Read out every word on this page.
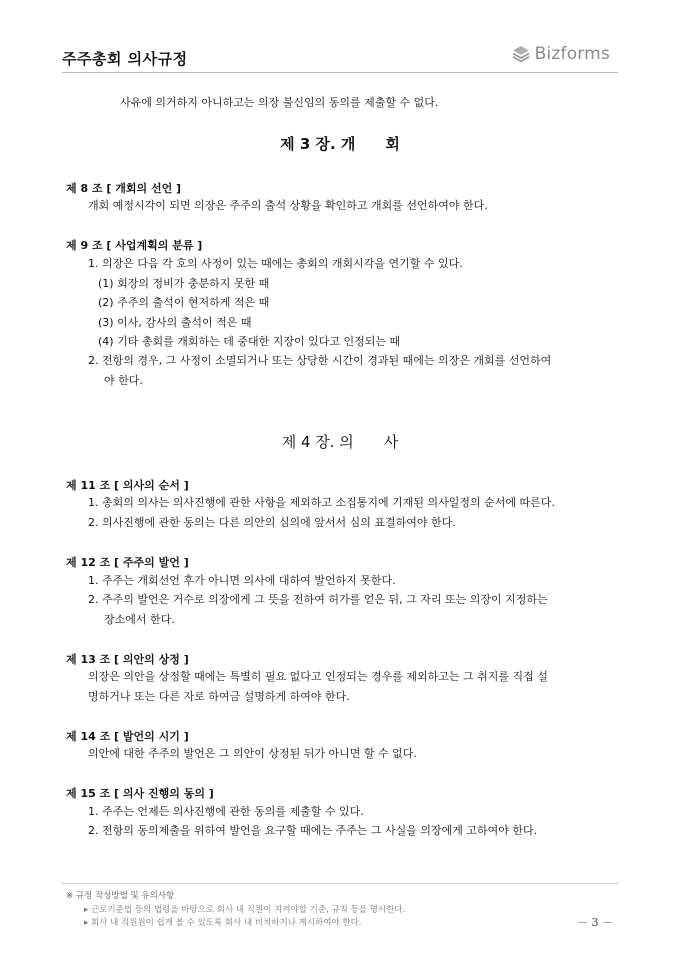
주주총회 의사규정	Bizforms
사유에 의거하지 아니하고는 의장 불신임의 동의를 제출할 수 없다.
제 3 장. 개　　회
제 8 조 [ 개회의 선언 ]
개회 예정시각이 되면 의장은 주주의 출석 상황을 확인하고 개회를 선언하여야 한다.
제 9 조 [ 사업계획의 분류 ]
1. 의장은 다음 각 호의 사정이 있는 때에는 총회의 개회시각을 연기할 수 있다.
(1) 회장의 정비가 충분하지 못한 때
(2) 주주의 출석이 현저하게 적은 때
(3) 이사, 감사의 출석이 적은 때
(4) 기타 총회를 개회하는 데 중대한 지장이 있다고 인정되는 때
2. 전항의 경우, 그 사정이 소멸되거나 또는 상당한 시간이 경과된 때에는 의장은 개회를 선언하여
야 한다.
제 4 장. 의　　사
제 11 조 [ 의사의 순서 ]
1. 총회의 의사는 의사진행에 관한 사항을 제외하고 소집통지에 기재된 의사일정의 순서에 따른다.
2. 의사진행에 관한 동의는 다른 의안의 심의에 앞서서 심의 표결하여야 한다.
제 12 조 [ 주주의 발언 ]
1. 주주는 개회선언 후가 아니면 의사에 대하여 발언하지 못한다.
2. 주주의 발언은 거수로 의장에게 그 뜻을 전하여 허가를 얻은 뒤, 그 자리 또는 의장이 지정하는
장소에서 한다.
제 13 조 [ 의안의 상정 ]
의장은 의안을 상정할 때에는 특별히 필요 없다고 인정되는 경우를 제외하고는 그 취지를 직접 설
명하거나 또는 다른 자로 하여금 설명하게 하여야 한다.
제 14 조 [ 발언의 시기 ]
의안에 대한 주주의 발언은 그 의안이 상정된 뒤가 아니면 할 수 없다.
제 15 조 [ 의사 진행의 동의 ]
1. 주주는 언제든 의사진행에 관한 동의를 제출할 수 있다.
2. 전항의 동의제출을 위하여 발언을 요구할 때에는 주주는 그 사실을 의장에게 고하여야 한다.
※ 규정 작성방법 및 유의사항
▸ 근로기준법 등의 법령을 바탕으로 회사 내 직원이 지켜야할 기준, 규칙 등을 명시한다.
▸ 회사 내 직원원이 쉽게 볼 수 있도록 회사 내 비치하거나 게시하여야 한다.	－ 3 －
